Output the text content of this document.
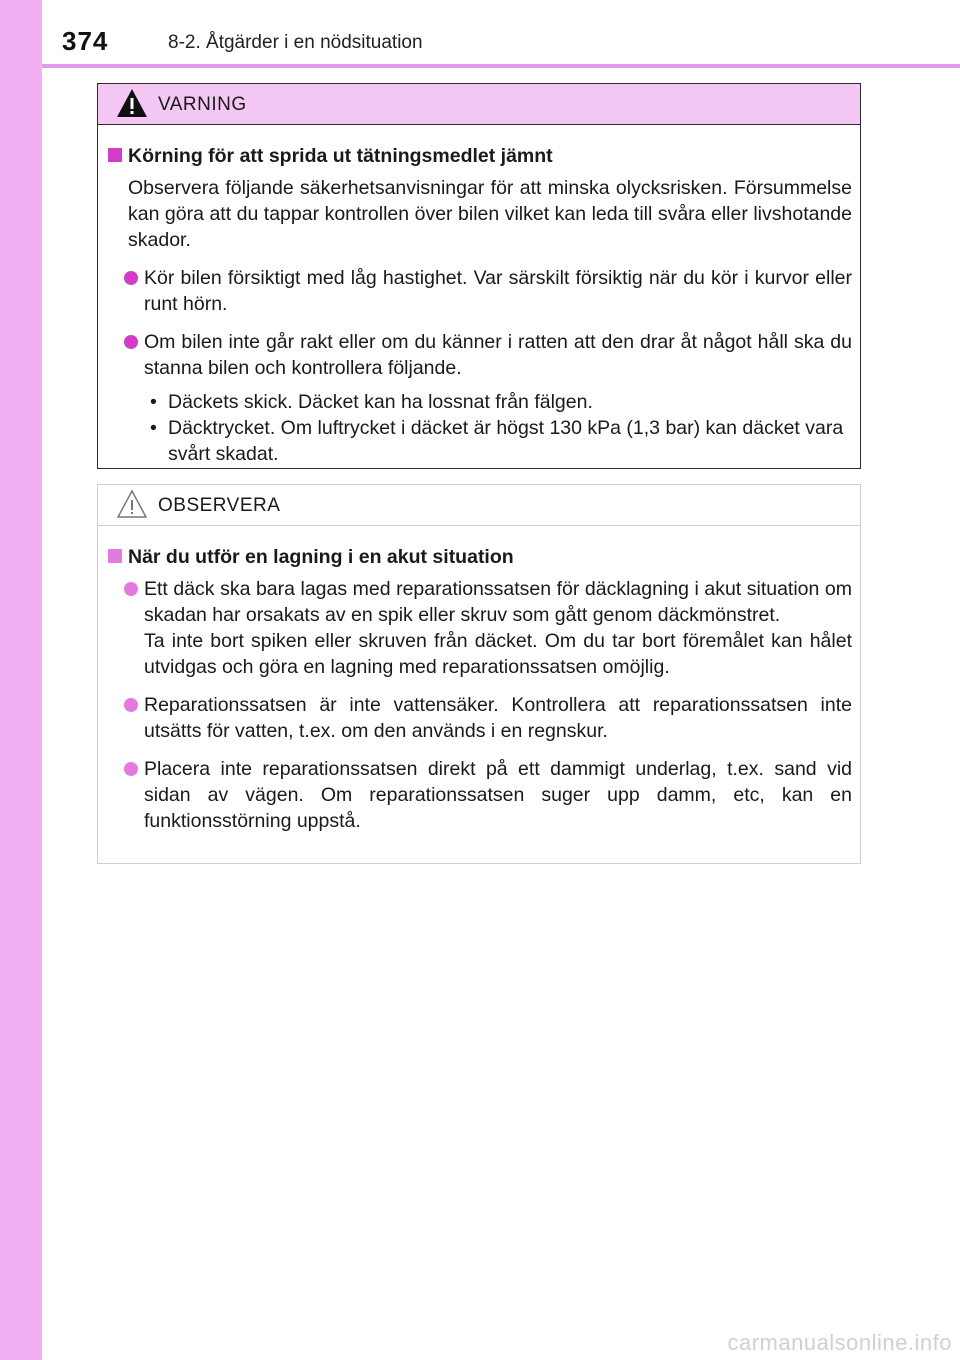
374	8-2. Åtgärder i en nödsituation
VARNING
Körning för att sprida ut tätningsmedlet jämnt
Observera följande säkerhetsanvisningar för att minska olycksrisken. Försummelse kan göra att du tappar kontrollen över bilen vilket kan leda till svåra eller livshotande skador.

Kör bilen försiktigt med låg hastighet. Var särskilt försiktig när du kör i kurvor eller runt hörn.

Om bilen inte går rakt eller om du känner i ratten att den drar åt något håll ska du stanna bilen och kontrollera följande.

• Däckets skick. Däcket kan ha lossnat från fälgen.
• Däcktrycket. Om luftrycket i däcket är högst 130 kPa (1,3 bar) kan däcket vara svårt skadat.
OBSERVERA
När du utför en lagning i en akut situation

Ett däck ska bara lagas med reparationssatsen för däcklagning i akut situation om skadan har orsakats av en spik eller skruv som gått genom däckmönstret.

Ta inte bort spiken eller skruven från däcket. Om du tar bort föremålet kan hålet utvidgas och göra en lagning med reparationssatsen omöjlig.

Reparationssatsen är inte vattensäker. Kontrollera att reparationssatsen inte utsätts för vatten, t.ex. om den används i en regnskur.

Placera inte reparationssatsen direkt på ett dammigt underlag, t.ex. sand vid sidan av vägen. Om reparationssatsen suger upp damm, etc, kan en funktionsstörning uppstå.

carmanualsonline.info
